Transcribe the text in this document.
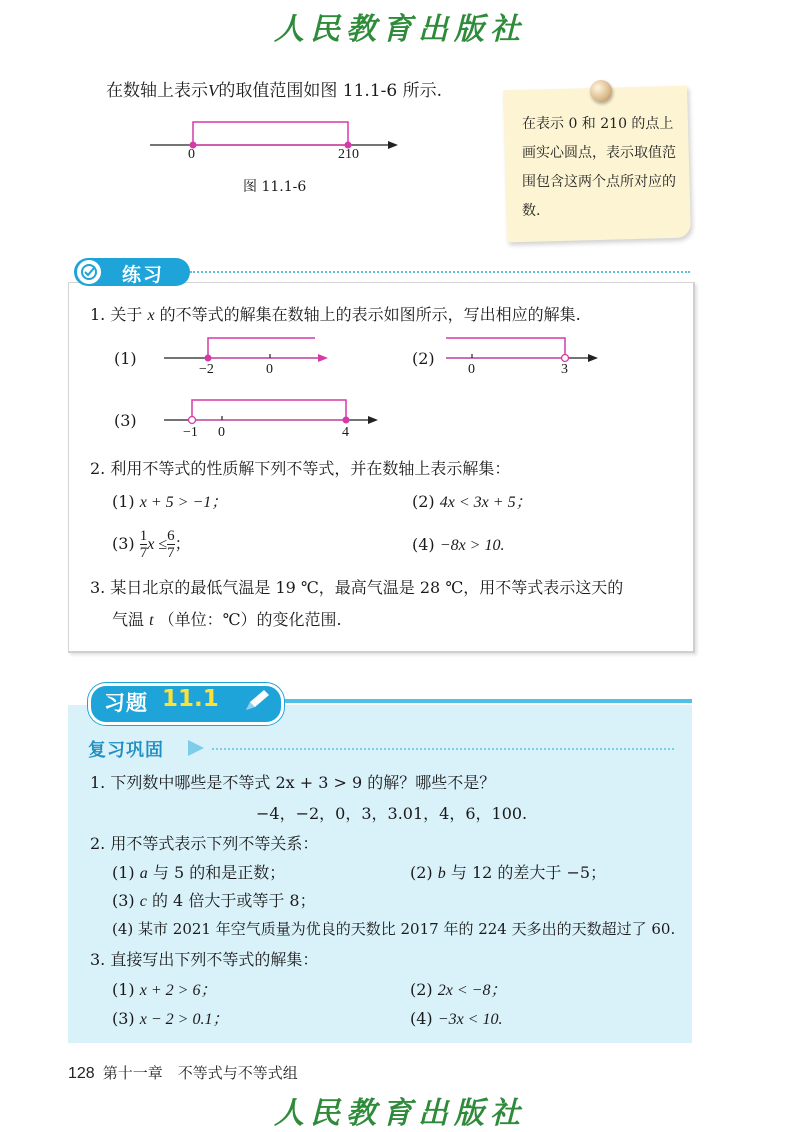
人民教育出版社
在数轴上表示V的取值范围如图 11.1-6 所示.
0	210
图 11.1-6
在表示 0 和 210 的点上画实心圆点，表示取值范围包含这两个点所对应的数.
练习
1. 关于 x 的不等式的解集在数轴上的表示如图所示，写出相应的解集.
(1)
−2	0
(2)
0	3
(3)
−1 0	4
2. 利用不等式的性质解下列不等式，并在数轴上表示解集：
(1) x + 5 > −1；	(2) 4x < 3x + 5；
$(3) \frac{1}{7}$ $x \le \frac{6}{7}$ ；	(4) −8x > 10.
3. 某日北京的最低气温是 19 ℃，最高气温是 28 ℃，用不等式表示这天的
气温 t （单位：℃）的变化范围.
习题 11.1
复习巩固
1. 下列数中哪些是不等式 2x + 3 > 9 的解？哪些不是？
−4，−2，0，3，3.01，4，6，100.
2. 用不等式表示下列不等关系：
(1) a 与 5 的和是正数；	(2) b 与 12 的差大于 −5；
(3) c 的 4 倍大于或等于 8；
(4) 某市 2021 年空气质量为优良的天数比 2017 年的 224 天多出的天数超过了 60.
3. 直接写出下列不等式的解集：
(1) x + 2 > 6；	(2) 2x < −8；
(3) x − 2 > 0.1；	(4) −3x < 10.
128 第十一章　不等式与不等式组
人民教育出版社
